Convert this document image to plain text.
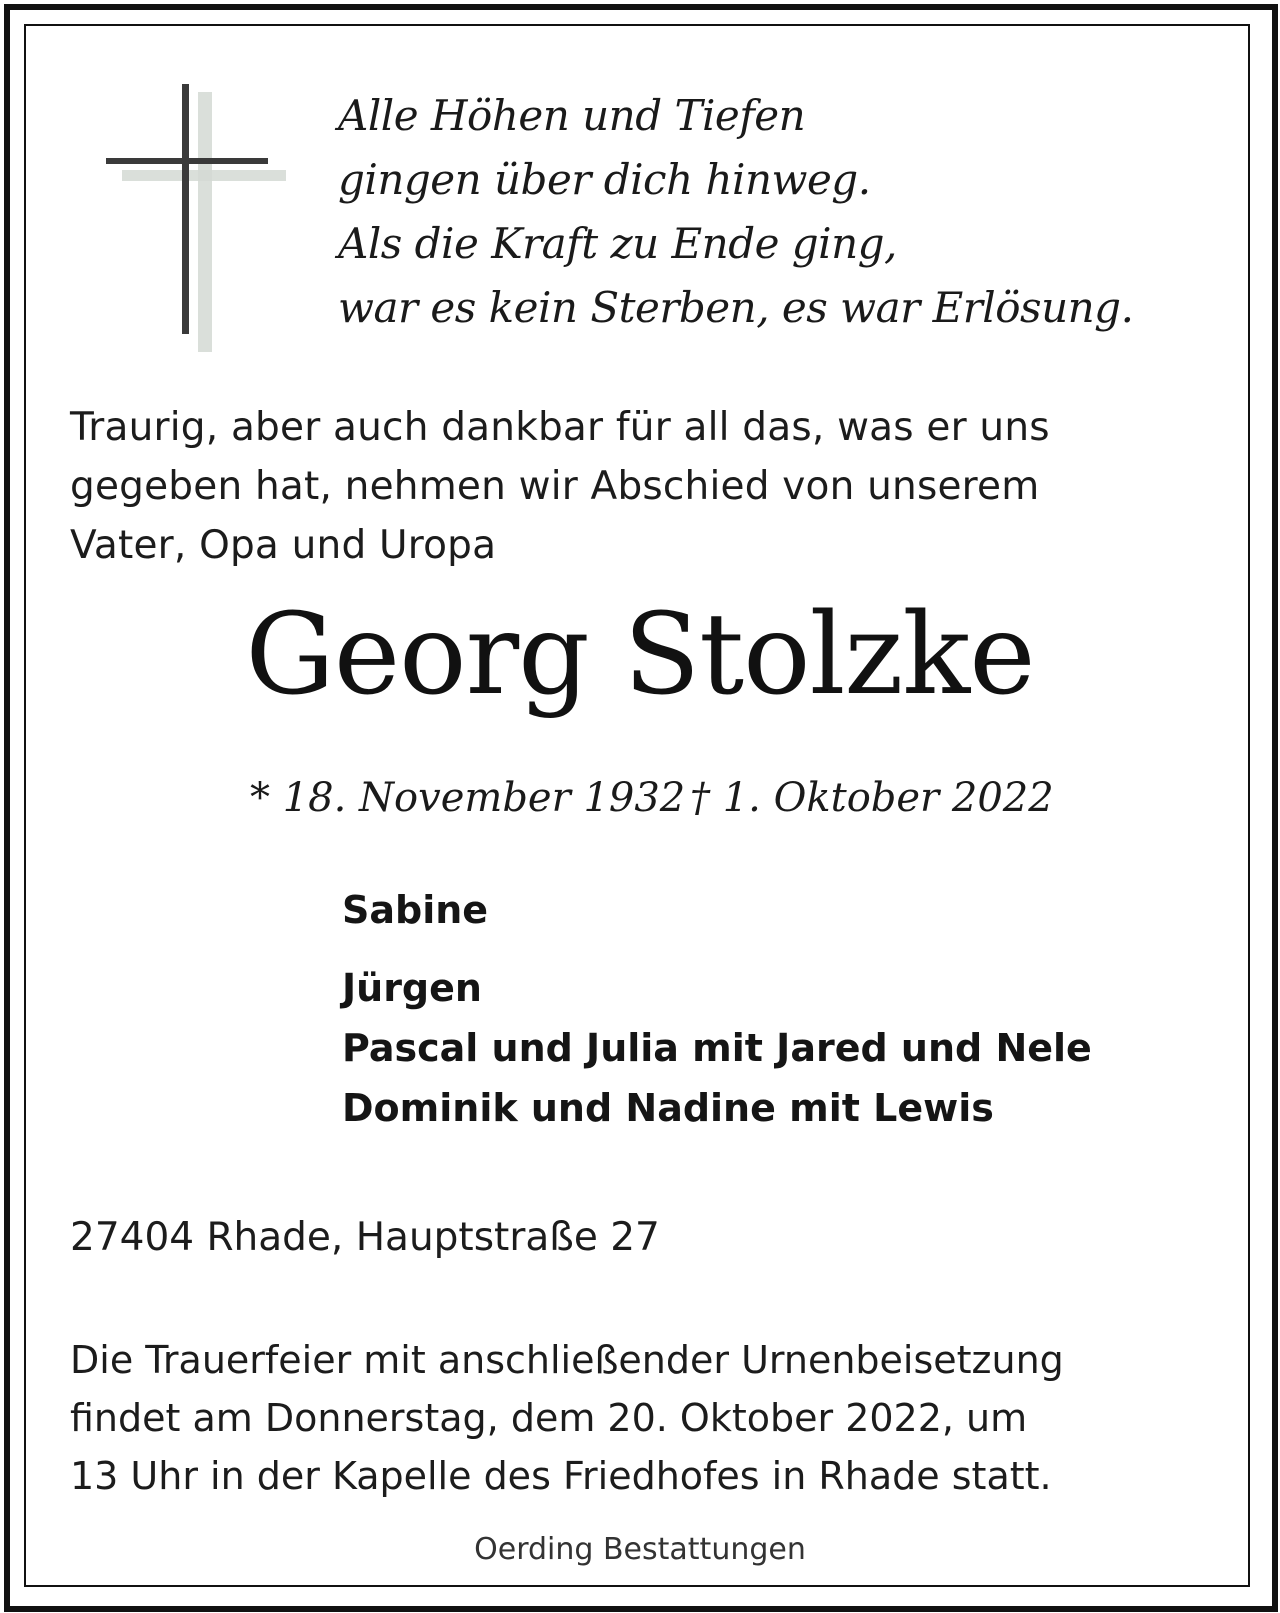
Alle Höhen und Tiefen
gingen über dich hinweg.
Als die Kraft zu Ende ging,
war es kein Sterben, es war Erlösung.

Traurig, aber auch dankbar für all das, was er uns
gegeben hat, nehmen wir Abschied von unserem
Vater, Opa und Uropa

Georg Stolzke
* 18. November 1932 † 1. Oktober 2022
Sabine
Jürgen
Pascal und Julia mit Jared und Nele
Dominik und Nadine mit Lewis
27404 Rhade, Hauptstraße 27

Die Trauerfeier mit anschließender Urnenbeisetzung
findet am Donnerstag, dem 20. Oktober 2022, um
13 Uhr in der Kapelle des Friedhofes in Rhade statt.

Oerding Bestattungen
